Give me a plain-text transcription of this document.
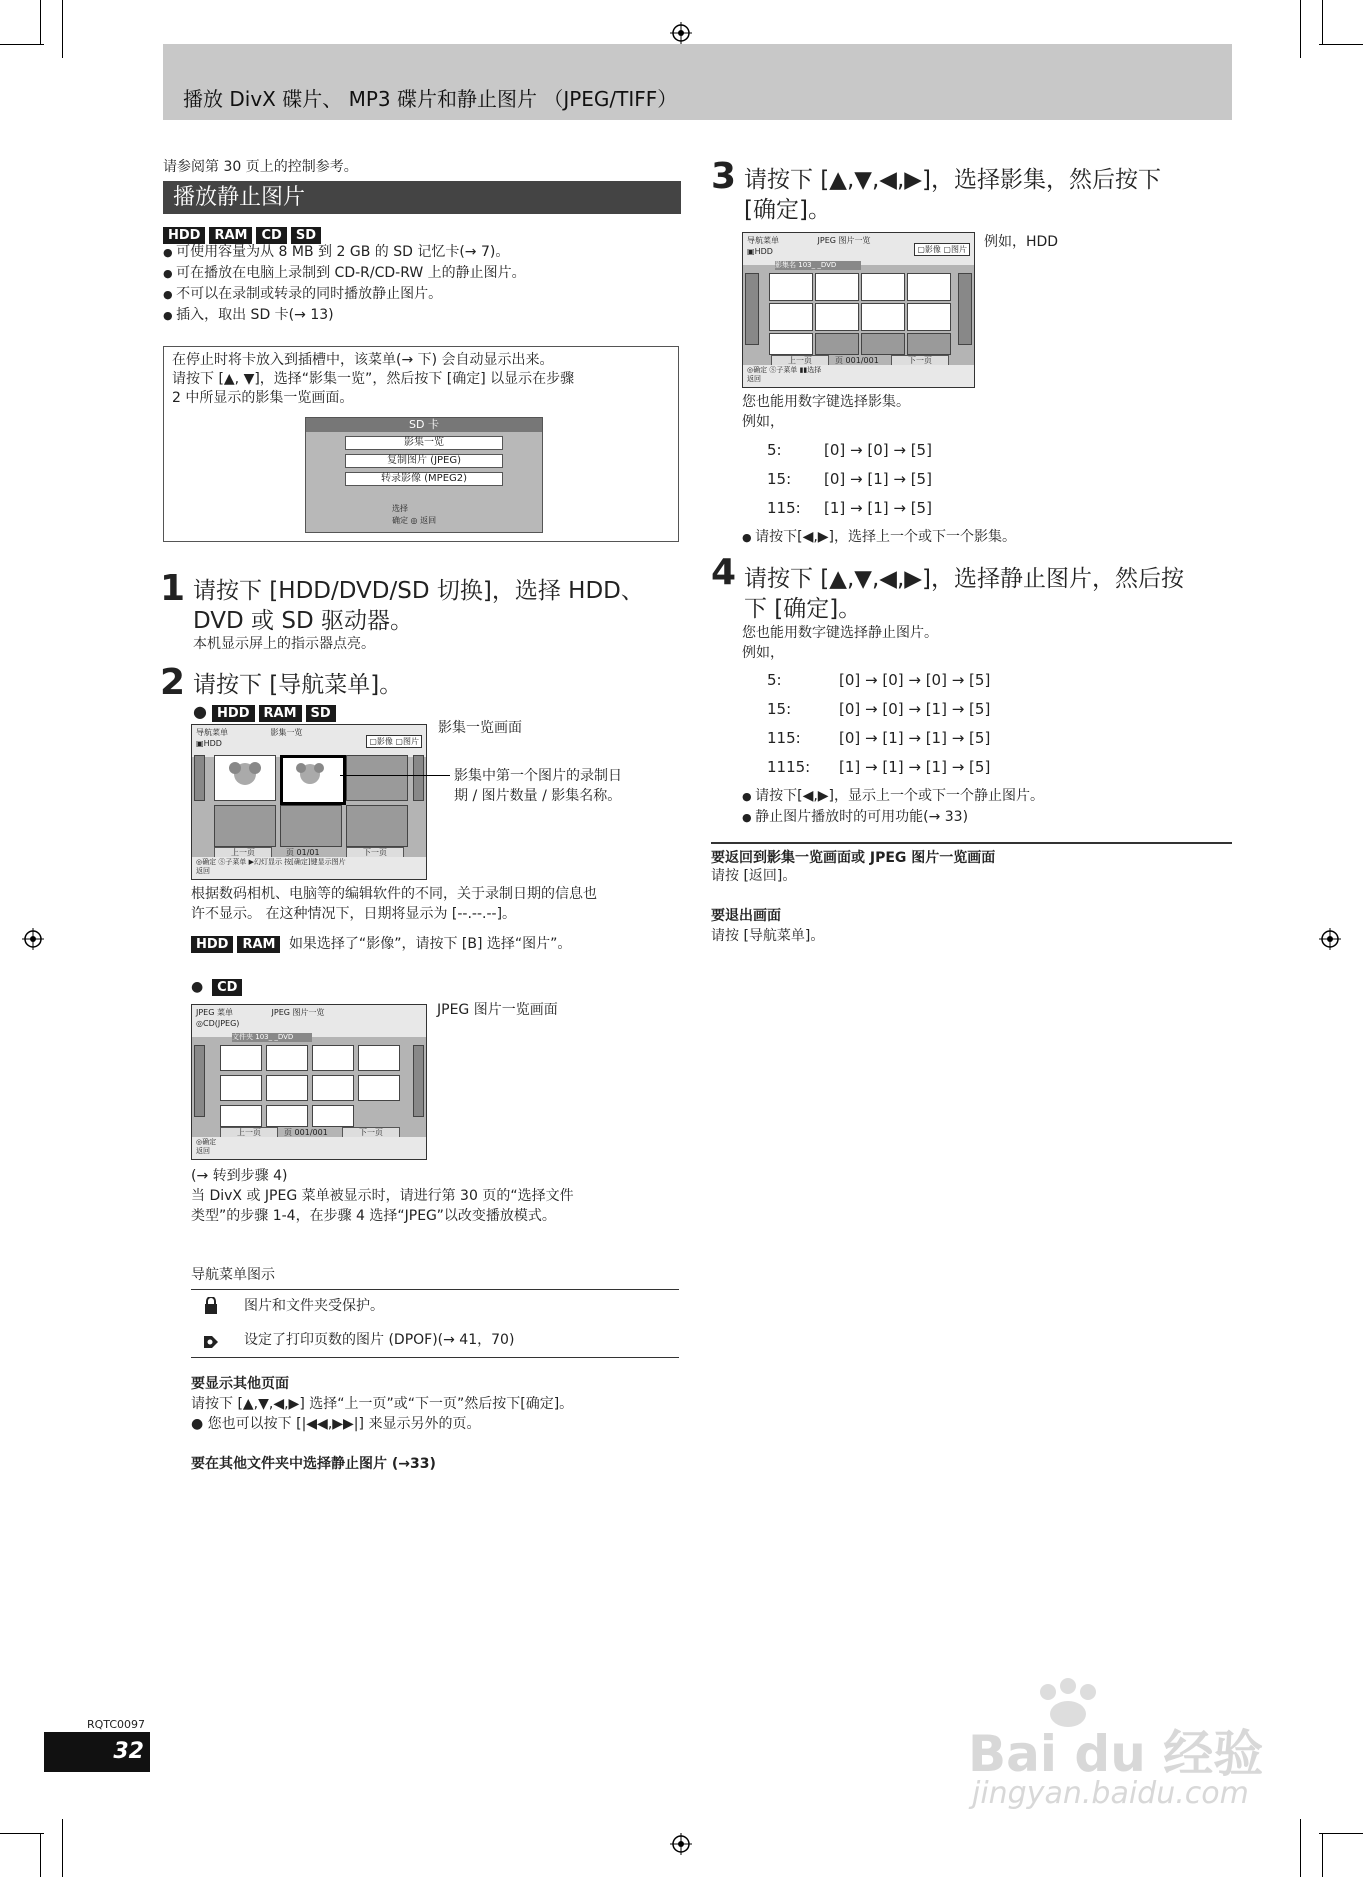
播放 DivX 碟片、 MP3 碟片和静止图片 （JPEG/TIFF）
请参阅第 30 页上的控制参考。
播放静止图片
HDD RAM CD SD
● 可使用容量为从 8 MB 到 2 GB 的 SD 记忆卡(→ 7)。
● 可在播放在电脑上录制到 CD-R/CD-RW 上的静止图片。
● 不可以在录制或转录的同时播放静止图片。
● 插入，取出 SD 卡(→ 13)
在停止时将卡放入到插槽中，该菜单(→ 下) 会自动显示出来。
请按下 [▲, ▼]，选择“影集一览”，然后按下 [确定] 以显示在步骤
2 中所显示的影集一览画面。
SD 卡
影集一览
复制图片 (JPEG)
转录影像 (MPEG2)
选择
确定 ◎ 返回
1 请按下 [HDD/DVD/SD 切换]，选择 HDD、
DVD 或 SD 驱动器。
本机显示屏上的指示器点亮。
2 请按下 [导航菜单]。
● HDD RAM SD
导航菜单	影集一览
▣HDD	▢影像 ▢图片
上一页	页 01/01	下一页
◎确定 Ⓢ子菜单 ▶幻灯显示 按[确定]键显示图片
返回
影集一览画面
影集中第一个图片的录制日
期 / 图片数量 / 影集名称。
根据数码相机、电脑等的编辑软件的不同，关于录制日期的信息也
许不显示。 在这种情况下，日期将显示为 [--.--.--]。
HDD RAM 如果选择了“影像”，请按下 [B] 选择“图片”。
●  CD
JPEG 菜单	JPEG 图片一览
◎CD(JPEG)
文件夹 103_ _DVD
上一页	页 001/001	下一页
◎确定
返回
JPEG 图片一览画面
(→ 转到步骤 4)
当 DivX 或 JPEG 菜单被显示时，请进行第 30 页的“选择文件
类型”的步骤 1-4，在步骤 4 选择“JPEG”以改变播放模式。
导航菜单图示
图片和文件夹受保护。
设定了打印页数的图片 (DPOF)(→ 41，70)
要显示其他页面
请按下 [▲,▼,◀,▶] 选择“上一页”或“下一页”然后按下[确定]。
● 您也可以按下 [|◀◀,▶▶|] 来显示另外的页。
要在其他文件夹中选择静止图片 (→33)
3 请按下 [▲,▼,◀,▶]，选择影集，然后按下
[确定]。
导航菜单	JPEG 图片一览
▣HDD	▢影像 ▢图片
影集名 103_ _DVD
上一页	页 001/001	下一页
◎确定 Ⓢ子菜单 ▮▮选择
返回
例如，HDD
您也能用数字键选择影集。
例如，
5:	[0] → [0] → [5]
15: [0] → [1] → [5]
115: [1] → [1] → [5]
● 请按下[◀,▶]，选择上一个或下一个影集。
4 请按下 [▲,▼,◀,▶]，选择静止图片，然后按
下 [确定]。
您也能用数字键选择静止图片。
例如，
5:	[0] → [0] → [0] → [5]
15:	[0] → [0] → [1] → [5]
115:	[0] → [1] → [1] → [5]
1115: [1] → [1] → [1] → [5]
● 请按下[◀,▶]，显示上一个或下一个静止图片。
● 静止图片播放时的可用功能(→ 33)
要返回到影集一览画面或 JPEG 图片一览画面
请按 [返回]。
要退出画面
请按 [导航菜单]。
RQTC0097
32	Bai du 经验
jingyan.baidu.com
